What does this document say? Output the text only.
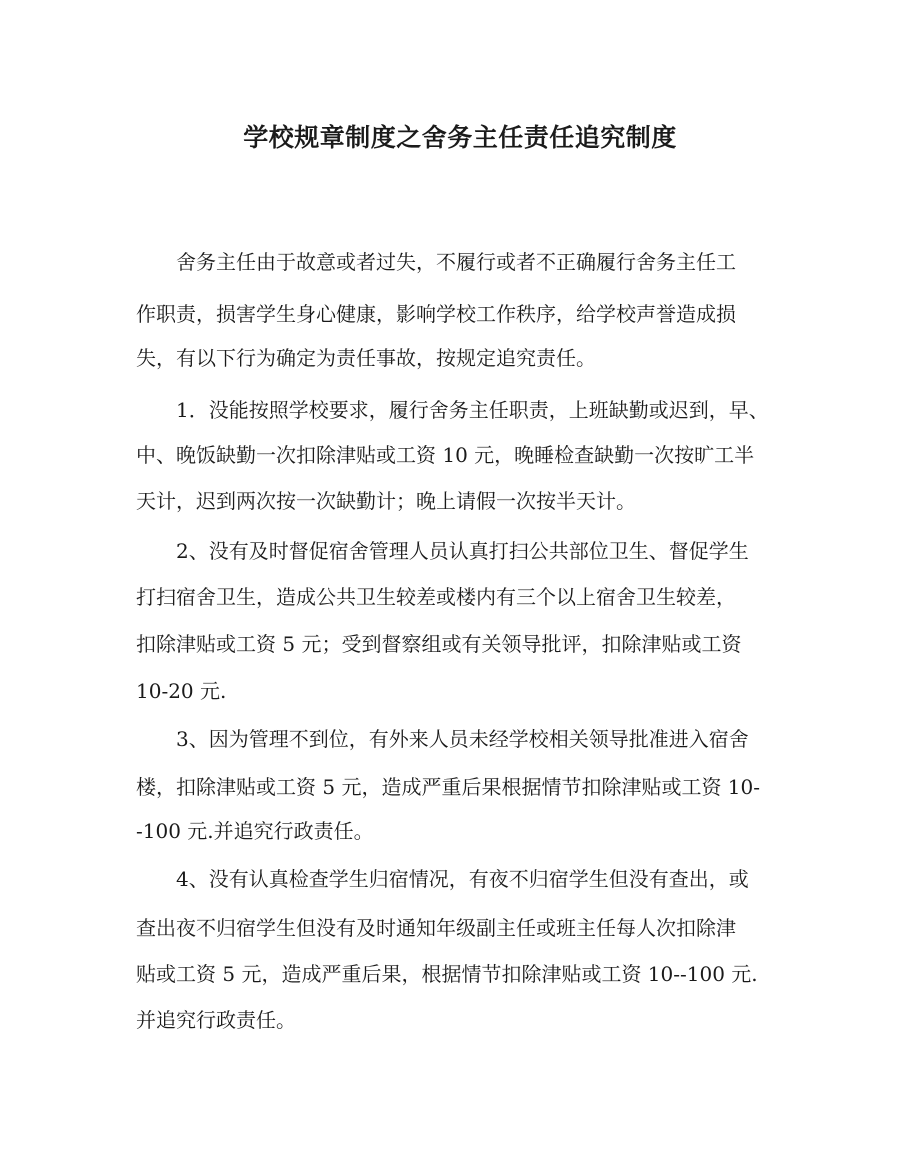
学校规章制度之舍务主任责任追究制度
舍务主任由于故意或者过失，不履行或者不正确履行舍务主任工
作职责，损害学生身心健康，影响学校工作秩序，给学校声誉造成损
失，有以下行为确定为责任事故，按规定追究责任。
1．没能按照学校要求，履行舍务主任职责，上班缺勤或迟到，早、
中、晚饭缺勤一次扣除津贴或工资 10 元，晚睡检查缺勤一次按旷工半
天计，迟到两次按一次缺勤计；晚上请假一次按半天计。
2、没有及时督促宿舍管理人员认真打扫公共部位卫生、督促学生
打扫宿舍卫生，造成公共卫生较差或楼内有三个以上宿舍卫生较差，
扣除津贴或工资 5 元；受到督察组或有关领导批评，扣除津贴或工资
10-20 元.
3、因为管理不到位，有外来人员未经学校相关领导批准进入宿舍
楼，扣除津贴或工资 5 元，造成严重后果根据情节扣除津贴或工资 10-
-100 元.并追究行政责任。
4、没有认真检查学生归宿情况，有夜不归宿学生但没有查出，或
查出夜不归宿学生但没有及时通知年级副主任或班主任每人次扣除津
贴或工资 5 元，造成严重后果，根据情节扣除津贴或工资 10--100 元.
并追究行政责任。
